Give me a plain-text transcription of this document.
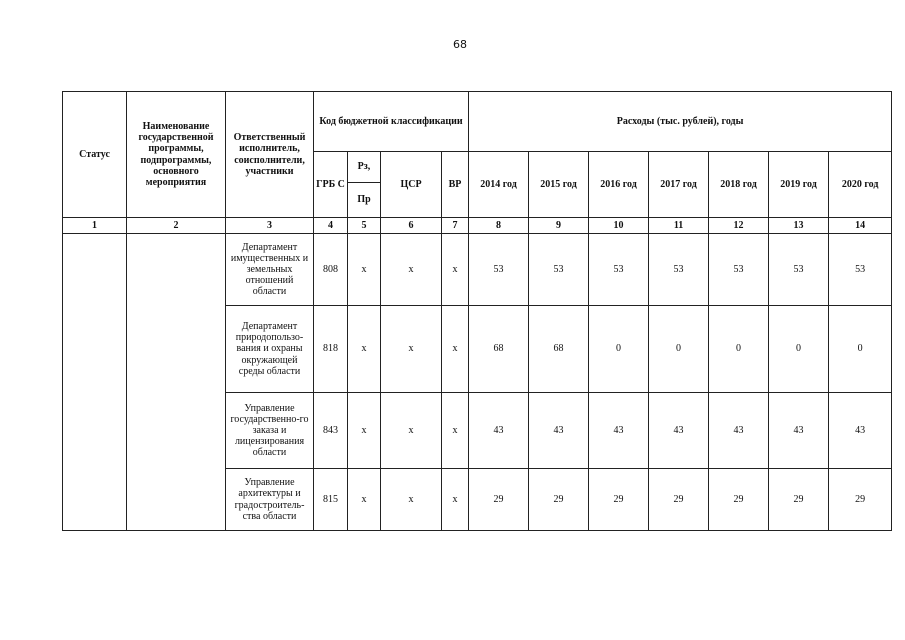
68
Статус	Наименование государственной программы, подпрограммы, основного мероприятия	Ответственный исполнитель, соисполнители, участники	Код бюджетной классификации				Расходы (тыс. рублей), годы						
			ГРБ С	Рз,	ЦСР	ВР	2014 год	2015 год	2016 год	2017 год	2018 год	2019 год	2020 год
				Пр									
1	2	3	4	5	6	7	8	9	10	11	12	13	14
		Департамент имущественных и земельных отношений области	808	х	х	х	53	53	53	53	53	53	53
		Департамент природопользо-вания и охраны окружающей среды области	818	х	х	х	68	68	0	0	0	0	0
		Управление государственно-го заказа и лицензирования области	843	х	х	х	43	43	43	43	43	43	43
		Управление архитектуры и градостроитель-ства области	815	х	х	х	29	29	29	29	29	29	29
